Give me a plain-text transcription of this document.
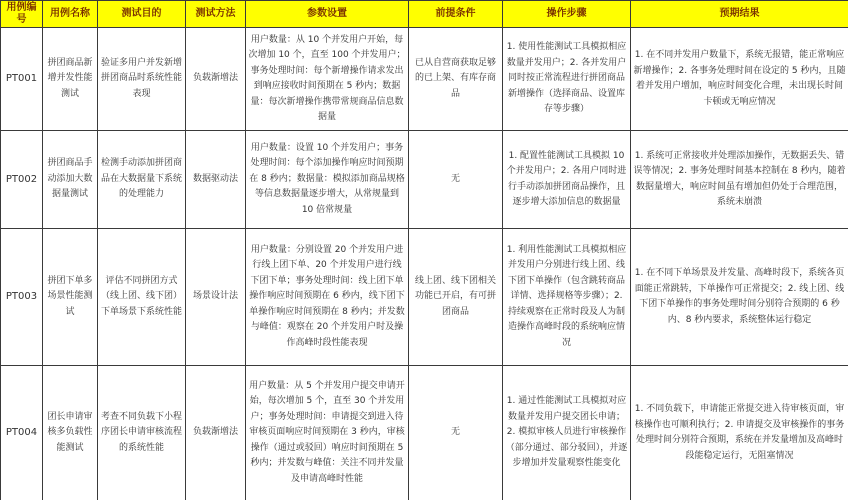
用例编号	用例名称	测试目的	测试方法	参数设置	前提条件	操作步骤	预期结果
PT001	拼团商品新增并发性能测试	验证多用户并发新增拼团商品时系统性能表现	负载渐增法	用户数量：从 10 个并发用户开始，每次增加 10 个，直至 100 个并发用户；事务处理时间：每个新增操作请求发出到响应接收时间预期在 5 秒内；数据量：每次新增操作携带常规商品信息数据量	已从自营商获取足够的已上架、有库存商品	1. 使用性能测试工具模拟相应数量并发用户；2. 各并发用户同时按正常流程进行拼团商品新增操作（选择商品、设置库存等步骤）	1. 在不同并发用户数量下，系统无报错，能正常响应新增操作；2. 各事务处理时间在设定的 5 秒内，且随着并发用户增加，响应时间变化合理，未出现长时间卡顿或无响应情况
PT002	拼团商品手动添加大数据量测试	检测手动添加拼团商品在大数据量下系统的处理能力	数据驱动法	用户数量：设置 10 个并发用户；事务处理时间：每个添加操作响应时间预期在 8 秒内；数据量：模拟添加商品规格等信息数据量逐步增大，从常规量到 10 倍常规量	无	1. 配置性能测试工具模拟 10 个并发用户；2. 各用户同时进行手动添加拼团商品操作，且逐步增大添加信息的数据量	1. 系统可正常接收并处理添加操作，无数据丢失、错误等情况；2. 事务处理时间基本控制在 8 秒内，随着数据量增大，响应时间虽有增加但仍处于合理范围，系统未崩溃
PT003	拼团下单多场景性能测试	评估不同拼团方式（线上团、线下团）下单场景下系统性能	场景设计法	用户数量：分别设置 20 个并发用户进行线上团下单、20 个并发用户进行线下团下单；事务处理时间：线上团下单操作响应时间预期在 6 秒内，线下团下单操作响应时间预期在 8 秒内；并发数与峰值：观察在 20 个并发用户时及操作高峰时段性能表现	线上团、线下团相关功能已开启，有可拼团商品	1. 利用性能测试工具模拟相应并发用户分别进行线上团、线下团下单操作（包含跳转商品详情、选择规格等步骤）；2. 持续观察在正常时段及人为制造操作高峰时段的系统响应情况	1. 在不同下单场景及并发量、高峰时段下，系统各页面能正常跳转，下单操作可正常提交；2. 线上团、线下团下单操作的事务处理时间分别符合预期的 6 秒内、8 秒内要求，系统整体运行稳定
PT004	团长申请审核多负载性能测试	考查不同负载下小程序团长申请审核流程的系统性能	负载渐增法	用户数量：从 5 个并发用户提交申请开始，每次增加 5 个，直至 30 个并发用户；事务处理时间：申请提交到进入待审核页面响应时间预期在 3 秒内，审核操作（通过或驳回）响应时间预期在 5 秒内；并发数与峰值：关注不同并发量及申请高峰时性能	无	1. 通过性能测试工具模拟对应数量并发用户提交团长申请；2. 模拟审核人员进行审核操作（部分通过、部分驳回），并逐步增加并发量观察性能变化	1. 不同负载下，申请能正常提交进入待审核页面，审核操作也可顺利执行；2. 申请提交及审核操作的事务处理时间分别符合预期，系统在并发量增加及高峰时段能稳定运行，无阻塞情况
